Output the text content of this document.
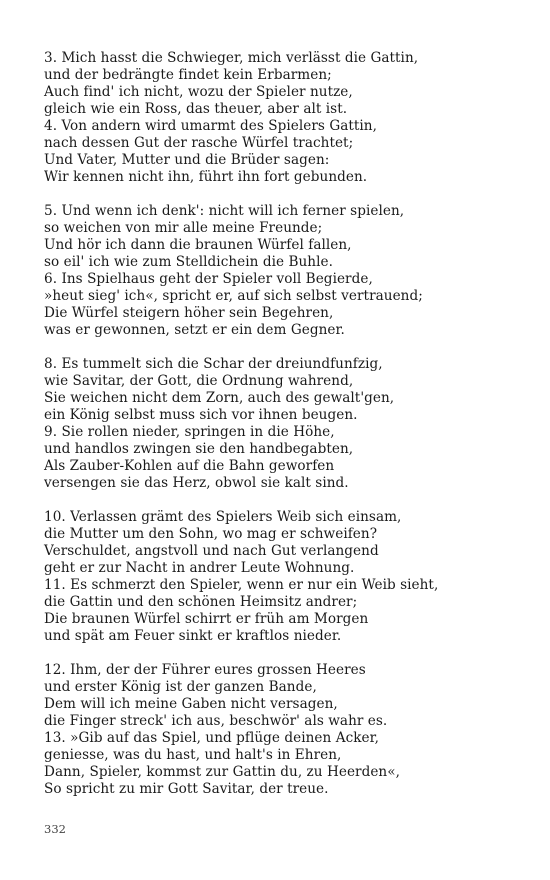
3. Mich hasst die Schwieger, mich verlässt die Gattin,
und der bedrängte findet kein Erbarmen;
Auch find' ich nicht, wozu der Spieler nutze,
gleich wie ein Ross, das theuer, aber alt ist.
4. Von andern wird umarmt des Spielers Gattin,
nach dessen Gut der rasche Würfel trachtet;
Und Vater, Mutter und die Brüder sagen:
Wir kennen nicht ihn, führt ihn fort gebunden.
5. Und wenn ich denk': nicht will ich ferner spielen,
so weichen von mir alle meine Freunde;
Und hör ich dann die braunen Würfel fallen,
so eil' ich wie zum Stelldichein die Buhle.
6. Ins Spielhaus geht der Spieler voll Begierde,
»heut sieg' ich«, spricht er, auf sich selbst vertrauend;
Die Würfel steigern höher sein Begehren,
was er gewonnen, setzt er ein dem Gegner.
8. Es tummelt sich die Schar der dreiundfunfzig,
wie Savitar, der Gott, die Ordnung wahrend,
Sie weichen nicht dem Zorn, auch des gewalt'gen,
ein König selbst muss sich vor ihnen beugen.
9. Sie rollen nieder, springen in die Höhe,
und handlos zwingen sie den handbegabten,
Als Zauber-Kohlen auf die Bahn geworfen
versengen sie das Herz, obwol sie kalt sind.
10. Verlassen grämt des Spielers Weib sich einsam,
die Mutter um den Sohn, wo mag er schweifen?
Verschuldet, angstvoll und nach Gut verlangend
geht er zur Nacht in andrer Leute Wohnung.
11. Es schmerzt den Spieler, wenn er nur ein Weib sieht,
die Gattin und den schönen Heimsitz andrer;
Die braunen Würfel schirrt er früh am Morgen
und spät am Feuer sinkt er kraftlos nieder.
12. Ihm, der der Führer eures grossen Heeres
und erster König ist der ganzen Bande,
Dem will ich meine Gaben nicht versagen,
die Finger streck' ich aus, beschwör' als wahr es.
13. »Gib auf das Spiel, und pflüge deinen Acker,
geniesse, was du hast, und halt's in Ehren,
Dann, Spieler, kommst zur Gattin du, zu Heerden«,
So spricht zu mir Gott Savitar, der treue.
332
